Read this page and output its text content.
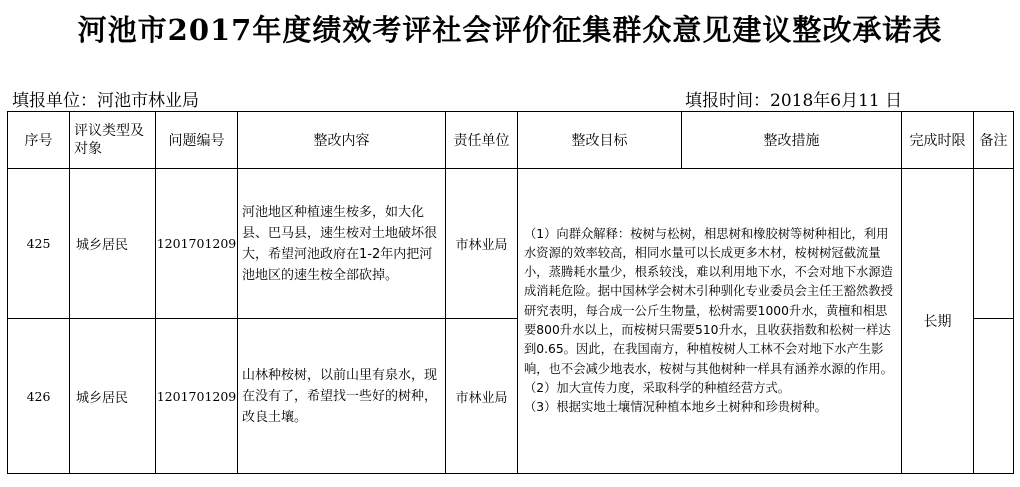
河池市2017年度绩效考评社会评价征集群众意见建议整改承诺表
填报单位：河池市林业局	填报时间：2018年6月11 日
序号	评议类型及对象	问题编号	整改内容	责任单位	整改目标	整改措施	完成时限	备注
425	城乡居民	1201701209	河池地区种植速生桉多，如大化县、巴马县，速生桉对土地破坏很大，希望河池政府在1-2年内把河池地区的速生桉全部砍掉。	市林业局	（1）向群众解释：桉树与松树，相思树和橡胶树等树种相比，利用水资源的效率较高，相同水量可以长成更多木材，桉树树冠截流量小，蒸腾耗水量少，根系较浅，难以利用地下水，不会对地下水源造成消耗危险。据中国林学会树木引种驯化专业委员会主任王豁然教授研究表明，每合成一公斤生物量，松树需要1000升水，黄檀和相思要800升水以上，而桉树只需要510升水，且收获指数和松树一样达到0.65。因此，在我国南方，种植桉树人工林不会对地下水产生影响，也不会减少地表水，桉树与其他树种一样具有涵养水源的作用。
（2）加大宣传力度，采取科学的种植经营方式。
（3）根据实地土壤情况种植本地乡土树种和珍贵树种。		长期	
426	城乡居民	1201701209	山林种桉树，以前山里有泉水，现在没有了，希望找一些好的树种，改良土壤。	市林业局				
